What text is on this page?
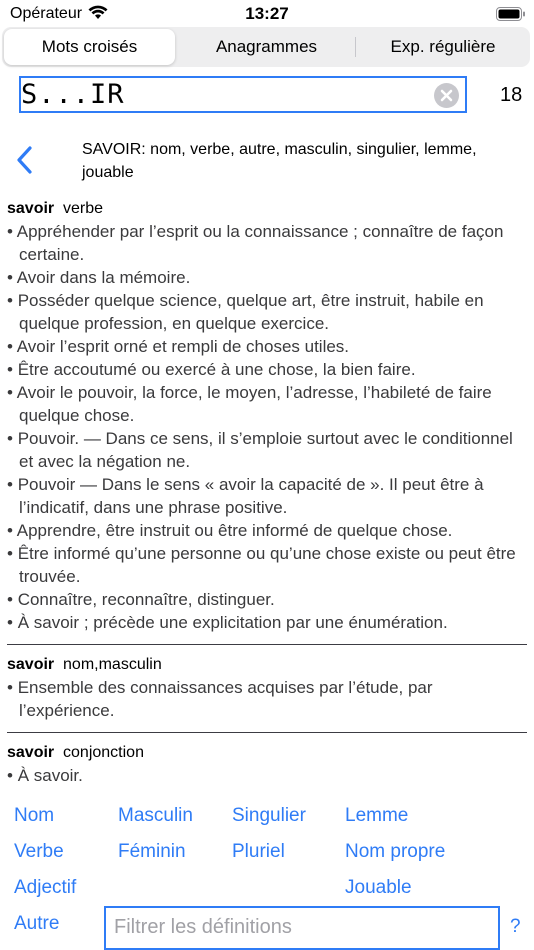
Opérateur	13:27
Mots croisés	Anagrammes	Exp. régulière
S...IR	18
SAVOIR: nom, verbe, autre, masculin, singulier, lemme, jouable
savoir verbe
• Appréhender par l’esprit ou la connaissance ; connaître de façon certaine.
• Avoir dans la mémoire.
• Posséder quelque science, quelque art, être instruit, habile en quelque profession, en quelque exercice.
• Avoir l’esprit orné et rempli de choses utiles.
• Être accoutumé ou exercé à une chose, la bien faire.
• Avoir le pouvoir, la force, le moyen, l’adresse, l’habileté de faire quelque chose.
• Pouvoir. — Dans ce sens, il s’emploie surtout avec le conditionnel et avec la négation ne.
• Pouvoir — Dans le sens « avoir la capacité de ». Il peut être à l’indicatif, dans une phrase positive.
• Apprendre, être instruit ou être informé de quelque chose.
• Être informé qu’une personne ou qu’une chose existe ou peut être trouvée.
• Connaître, reconnaître, distinguer.
• À savoir ; précède une explicitation par une énumération.
savoir nom,masculin
• Ensemble des connaissances acquises par l’étude, par l’expérience.
savoir conjonction
• À savoir.
Nom
Verbe
Adjectif
Autre
Masculin
Féminin
Singulier
Pluriel
Lemme
Nom propre
Jouable
Filtrer les définitions	?
